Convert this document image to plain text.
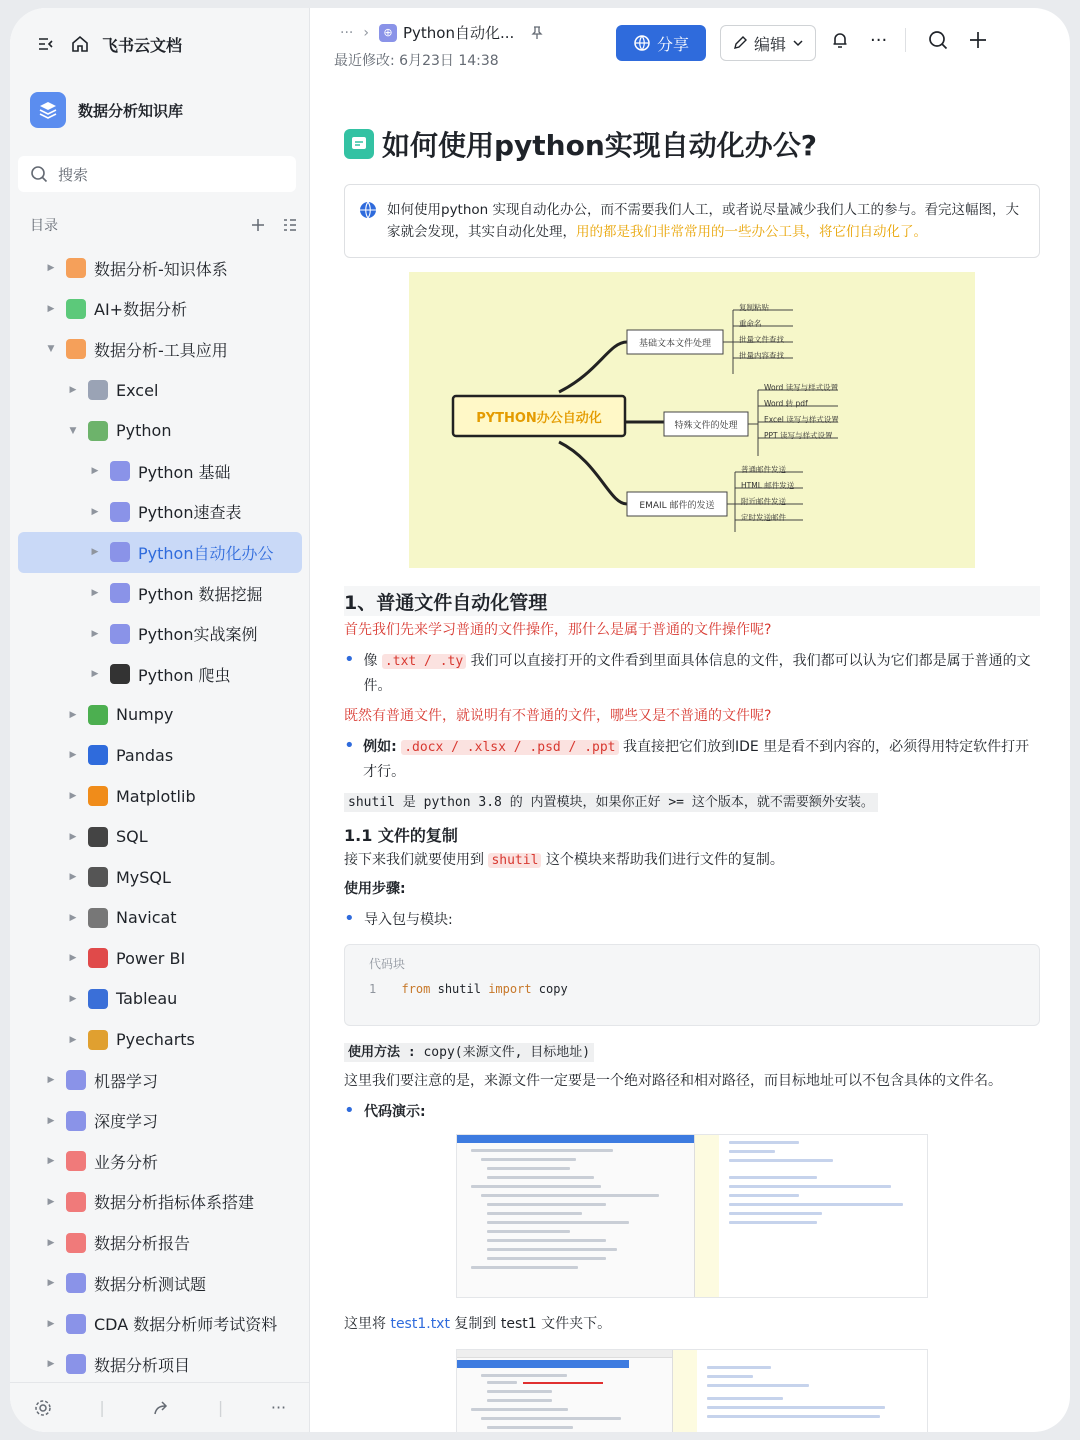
飞书云文档
数据分析知识库
搜索
目录
▶ 数据分析-知识体系
▶ AI+数据分析
▼ 数据分析-工具应用
▶ Excel
▼ Python
▶ Python 基础
▶ Python速查表
▶ Python自动化办公
▶ Python 数据挖掘
▶ Python实战案例
▶ Python 爬虫
▶ Numpy
▶ Pandas
▶ Matplotlib
▶ SQL
▶ MySQL
▶ Navicat
▶ Power BI
▶ Tableau
▶ Pyecharts
▶ 机器学习
▶ 深度学习
▶ 业务分析
▶ 数据分析指标体系搭建
▶ 数据分析报告
▶ 数据分析测试题
▶ CDA 数据分析师考试资料
▶ 数据分析项目
|	|	···
··· ›	⊕ Python自动化...
最近修改: 6月23日 14:38
分享	编辑	···
如何使用python实现自动化办公?
如何使用python 实现自动化办公，而不需要我们人工，或者说尽量减少我们人工的参与。看完这幅图，大家就会发现，其实自动化处理，用的都是我们非常常用的一些办公工具，将它们自动化了。
PYTHON办公自动化
基础文本文件处理
特殊文件的处理
EMAIL 邮件的发送
复制粘贴
重命名
批量文件查找
批量内容查找
Word 读写与样式设置
Word 转 pdf
Excel 读写与样式设置
PPT 读写与样式设置
普通邮件发送
HTML 邮件发送
附近邮件发送
定时发送邮件
1、普通文件自动化管理

首先我们先来学习普通的文件操作，那什么是属于普通的文件操作呢?

• 像 .txt / .ty 我们可以直接打开的文件看到里面具体信息的文件，我们都可以认为它们都是属于普通的文件。

既然有普通文件，就说明有不普通的文件，哪些又是不普通的文件呢?

• 例如: .docx / .xlsx / .psd / .ppt 我直接把它们放到IDE 里是看不到内容的，必须得用特定软件打开才行。

shutil 是 python 3.8 的 内置模块，如果你正好 >= 这个版本，就不需要额外安装。

1.1 文件的复制

接下来我们就要使用到 shutil 这个模块来帮助我们进行文件的复制。

使用步骤:

• 导入包与模块:
代码块
1 from shutil import copy

使用方法 : copy(来源文件, 目标地址)

这里我们要注意的是，来源文件一定要是一个绝对路径和相对路径，而目标地址可以不包含具体的文件名。

• 代码演示:

这里将 test1.txt 复制到 test1 文件夹下。
